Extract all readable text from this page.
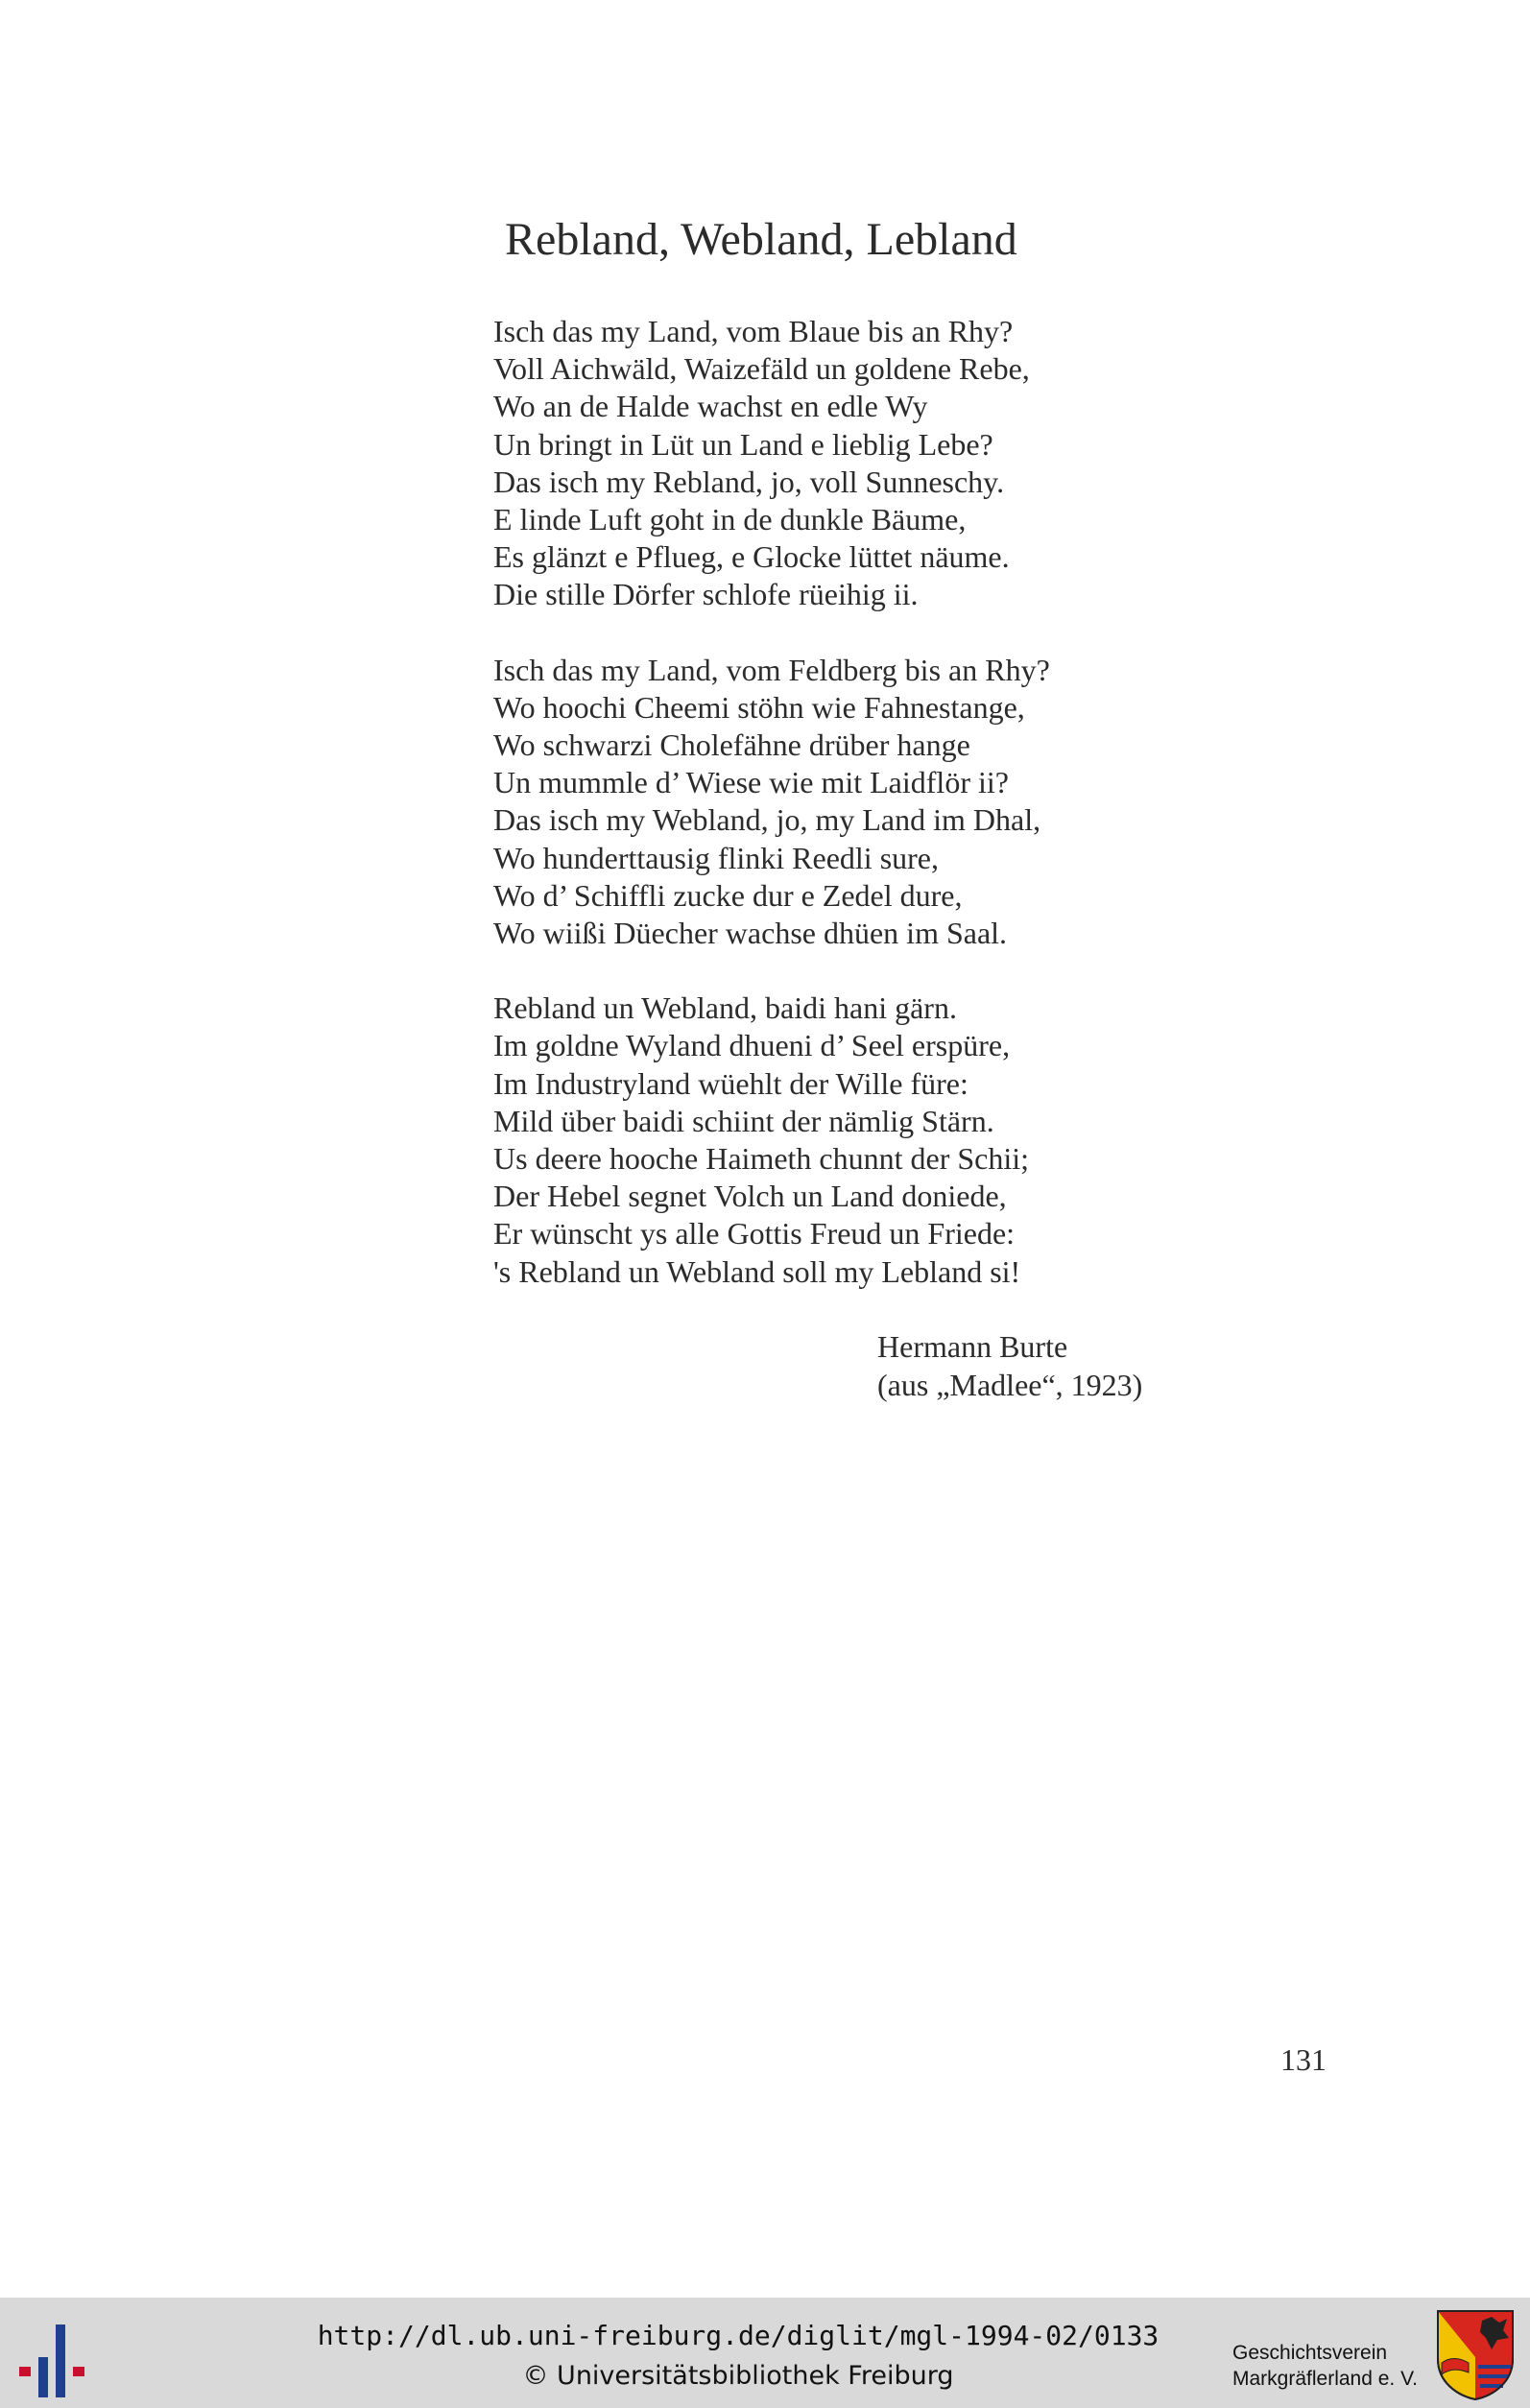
Rebland, Webland, Lebland
Isch das my Land, vom Blaue bis an Rhy?
Voll Aichwäld, Waizefäld un goldene Rebe,
Wo an de Halde wachst en edle Wy
Un bringt in Lüt un Land e lieblig Lebe?
Das isch my Rebland, jo, voll Sunneschy.
E linde Luft goht in de dunkle Bäume,
Es glänzt e Pflueg, e Glocke lüttet näume.
Die stille Dörfer schlofe rüeihig ii.
Isch das my Land, vom Feldberg bis an Rhy?
Wo hoochi Cheemi stöhn wie Fahnestange,
Wo schwarzi Cholefähne drüber hange
Un mummle d’ Wiese wie mit Laidflör ii?
Das isch my Webland, jo, my Land im Dhal,
Wo hunderttausig flinki Reedli sure,
Wo d’ Schiffli zucke dur e Zedel dure,
Wo wiißi Düecher wachse dhüen im Saal.
Rebland un Webland, baidi hani gärn.
Im goldne Wyland dhueni d’ Seel erspüre,
Im Industryland wüehlt der Wille füre:
Mild über baidi schiint der nämlig Stärn.
Us deere hooche Haimeth chunnt der Schii;
Der Hebel segnet Volch un Land doniede,
Er wünscht ys alle Gottis Freud un Friede:
's Rebland un Webland soll my Lebland si!
Hermann Burte
(aus „Madlee“, 1923)
131
http://dl.ub.uni-freiburg.de/diglit/mgl-1994-02/0133
© Universitätsbibliothek Freiburg
Geschichtsverein
Markgräflerland e. V.
